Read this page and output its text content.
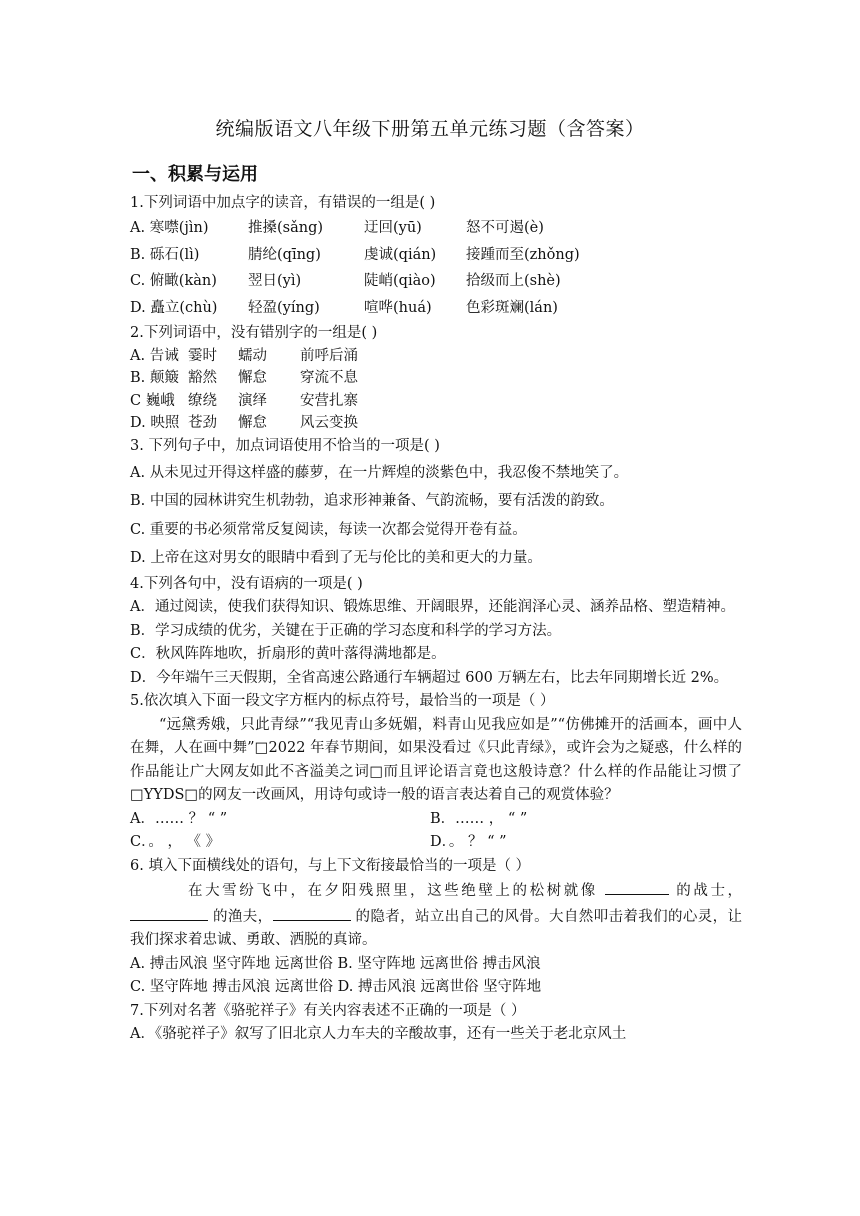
统编版语文八年级下册第五单元练习题（含答案）
一、积累与运用

1.下列词语中加点字的读音，有错误的一组是( )

A. 寒噤(jìn)	推搡(sǎng)	迂回(yū)	怒不可遏(è)
B. 砾石(lì)	腈纶(qīng)	虔诚(qián)	接踵而至(zhǒng)
C. 俯瞰(kàn)	翌日(yì)	陡峭(qiào)	拾级而上(shè)
D. 矗立(chù)	轻盈(yíng)	喧哗(huá)	色彩斑斓(lán)

2.下列词语中，没有错别字的一组是( )

A. 告诫 霎时	蠕动	前呼后涌
B. 颠簸 豁然	懈怠	穿流不息
C 巍峨 缭绕	演绎	安营扎寨
D. 映照 苍劲	懈怠	风云变换

3. 下列句子中，加点词语使用不恰当的一项是( )

A. 从未见过开得这样盛的藤萝，在一片辉煌的淡紫色中，我忍俊不禁地笑了。

B. 中国的园林讲究生机勃勃，追求形神兼备、气韵流畅，要有活泼的韵致。

C. 重要的书必须常常反复阅读，每读一次都会觉得开卷有益。

D. 上帝在这对男女的眼睛中看到了无与伦比的美和更大的力量。

4.下列各句中，没有语病的一项是( )

A．通过阅读，使我们获得知识、锻炼思维、开阔眼界，还能润泽心灵、涵养品格、塑造精神。

B．学习成绩的优劣，关键在于正确的学习态度和科学的学习方法。

C．秋风阵阵地吹，折扇形的黄叶落得满地都是。

D．今年端午三天假期，全省高速公路通行车辆超过 600 万辆左右，比去年同期增长近 2%。

5.依次填入下面一段文字方框内的标点符号，最恰当的一项是（ ）

“远黛秀娥，只此青绿”“我见青山多妩媚，料青山见我应如是”“仿佛摊开的活画本，画中人在舞，人在画中舞”□2022 年春节期间，如果没看过《只此青绿》，或许会为之疑惑，什么样的作品能让广大网友如此不吝溢美之词□而且评论语言竟也这般诗意？什么样的作品能让习惯了□YYDS□的网友一改画风，用诗句或诗一般的语言表达着自己的观赏体验？

A．…… ？ “ ”	B．…… ， “ ”
C．。 ， 《 》	D．。 ？ “ ”

6. 填入下面横线处的语句，与上下文衔接最恰当的一项是（ ）

在大雪纷飞中，在夕阳残照里，这些绝壁上的松树就像	的战士， 的渔夫，	的隐者，站立出自己的风骨。大自然叩击着我们的心灵，让我们探求着忠诚、勇敢、洒脱的真谛。

A. 搏击风浪 坚守阵地 远离世俗 B. 坚守阵地 远离世俗 搏击风浪

C. 坚守阵地 搏击风浪 远离世俗 D. 搏击风浪 远离世俗 坚守阵地

7.下列对名著《骆驼祥子》有关内容表述不正确的一项是（ ）

A．《骆驼祥子》叙写了旧北京人力车夫的辛酸故事，还有一些关于老北京风土
